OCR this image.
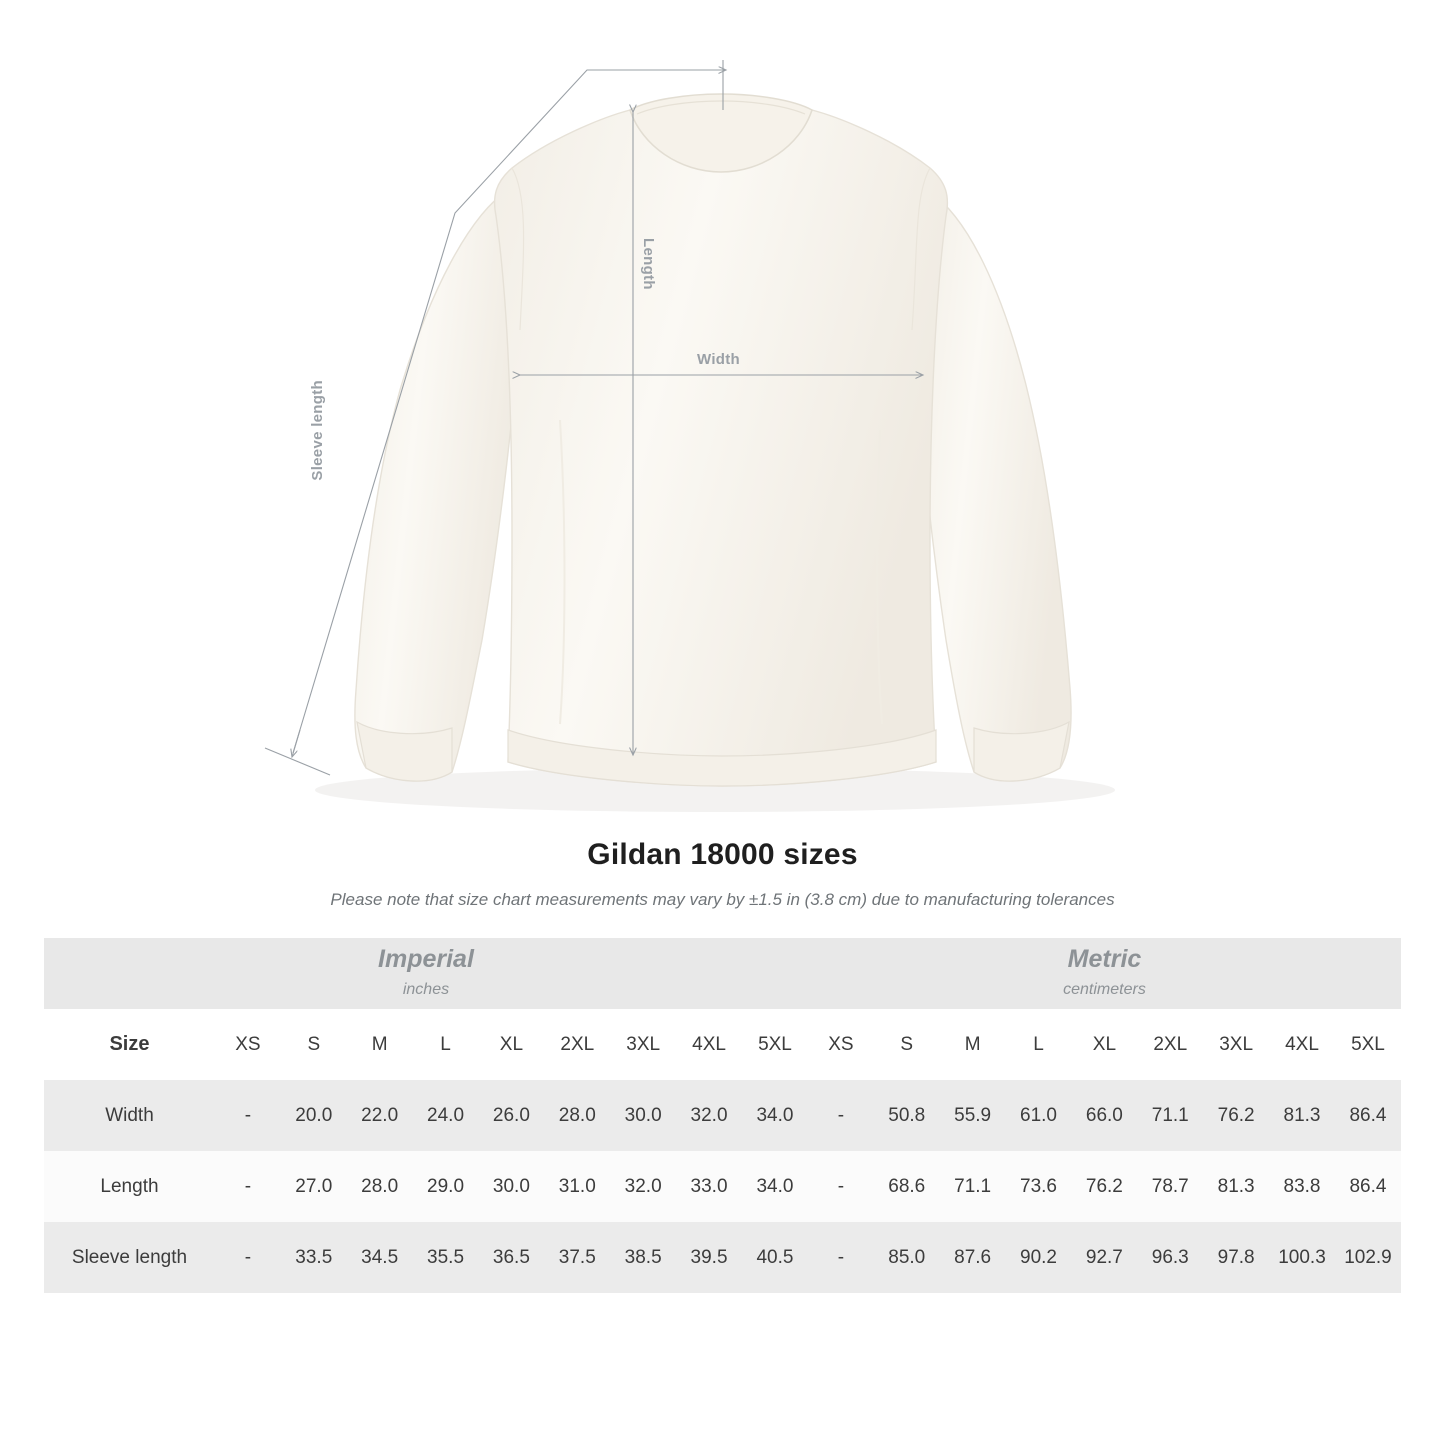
Length
Width
Sleeve length
Gildan 18000 sizes
Please note that size chart measurements may vary by ±1.5 in (3.8 cm) due to manufacturing tolerances
Imperial
inches

Metric
centimeters

Size	XS	S	M	L	XL	2XL	3XL	4XL	5XL	XS	S	M	L	XL	2XL	3XL	4XL	5XL
Width	-	20.0	22.0	24.0	26.0	28.0	30.0	32.0	34.0	-	50.8	55.9	61.0	66.0	71.1	76.2	81.3	86.4
Length	-	27.0	28.0	29.0	30.0	31.0	32.0	33.0	34.0	-	68.6	71.1	73.6	76.2	78.7	81.3	83.8	86.4
Sleeve length	-	33.5	34.5	35.5	36.5	37.5	38.5	39.5	40.5	-	85.0	87.6	90.2	92.7	96.3	97.8	100.3	102.9
